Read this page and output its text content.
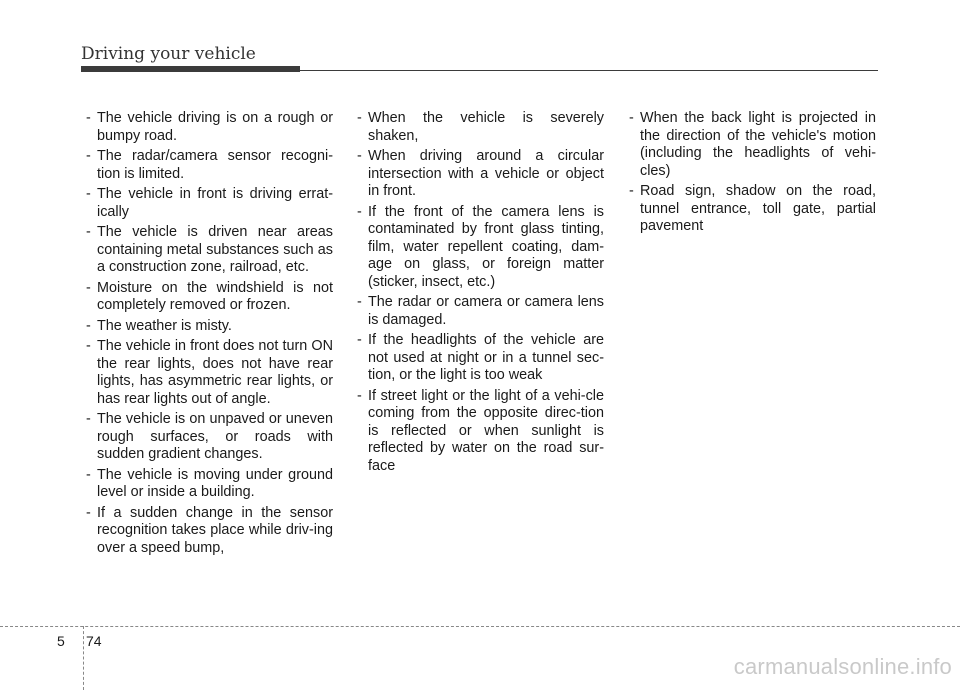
Driving your vehicle
- The vehicle driving is on a rough or bumpy road.
- The radar/camera sensor recogni-tion is limited.
- The vehicle in front is driving errat-ically
- The vehicle is driven near areas containing metal substances such as a construction zone, railroad, etc.
- Moisture on the windshield is not completely removed or frozen.
- The weather is misty.
- The vehicle in front does not turn ON the rear lights, does not have rear lights, has asymmetric rear lights, or has rear lights out of angle.
- The vehicle is on unpaved or uneven rough surfaces, or roads with sudden gradient changes.
- The vehicle is moving under ground level or inside a building.
- If a sudden change in the sensor recognition takes place while driv-ing over a speed bump,
- When the vehicle is severely shaken,
- When driving around a circular intersection with a vehicle or object in front.
- If the front of the camera lens is contaminated by front glass tinting, film, water repellent coating, dam-age on glass, or foreign matter (sticker, insect, etc.)
- The radar or camera or camera lens is damaged.
- If the headlights of the vehicle are not used at night or in a tunnel sec-tion, or the light is too weak
- If street light or the light of a vehi-cle coming from the opposite direc-tion is reflected or when sunlight is reflected by water on the road sur-face
- When the back light is projected in the direction of the vehicle's motion (including the headlights of vehi-cles)
- Road sign, shadow on the road, tunnel entrance, toll gate, partial pavement
5 74
carmanualsonline.info
